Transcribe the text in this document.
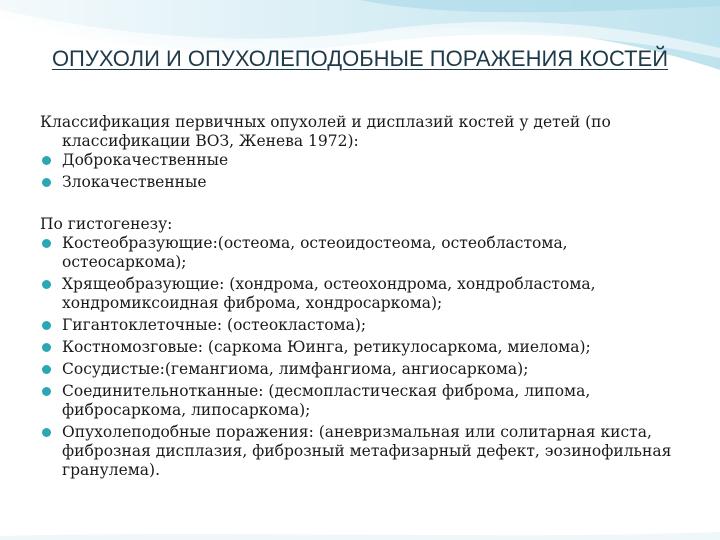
ОПУХОЛИ И ОПУХОЛЕПОДОБНЫЕ ПОРАЖЕНИЯ КОСТЕЙ

Классификация первичных опухолей и дисплазий костей у детей (по классификации ВОЗ, Женева 1972):

Доброкачественные
Злокачественные

По гистогенезу:

Костеобразующие:(остеома, остеоидостеома, остеобластома, остеосаркома);
Хрящеобразующие: (хондрома, остеохондрома, хондробластома, хондромиксоидная фиброма, хондросаркома);
Гигантоклеточные: (остеокластома);
Костномозговые: (саркома Юинга, ретикулосаркома, миелома);
Сосудистые:(гемангиома, лимфангиома, ангиосаркома);
Соединительнотканные: (десмопластическая фиброма, липома, фибросаркома, липосаркома);
Опухолеподобные поражения: (аневризмальная или солитарная киста, фиброзная дисплазия, фиброзный метафизарный дефект, эозинофильная гранулема).
